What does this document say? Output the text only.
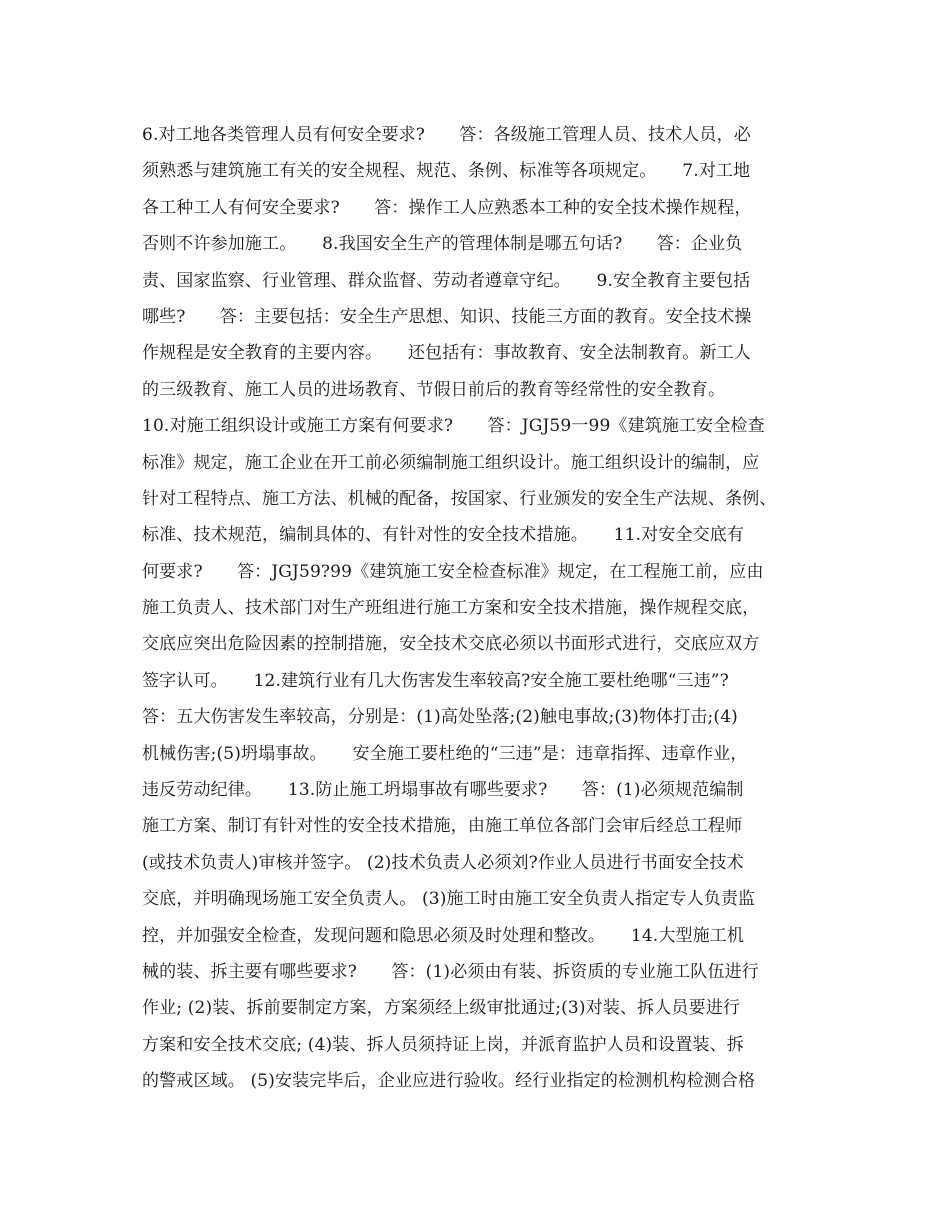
6.对工地各类管理人员有何安全要求?　　答：各级施工管理人员、技术人员，必
须熟悉与建筑施工有关的安全规程、规范、条例、标准等各项规定。　　7.对工地
各工种工人有何安全要求?　　答：操作工人应熟悉本工种的安全技术操作规程，
否则不许参加施工。　　8.我国安全生产的管理体制是哪五句话?　　答：企业负
责、国家监察、行业管理、群众监督、劳动者遵章守纪。　　9.安全教育主要包括
哪些?　　答：主要包括：安全生产思想、知识、技能三方面的教育。安全技术操
作规程是安全教育的主要内容。　　还包括有：事故教育、安全法制教育。新工人
的三级教育、施工人员的进场教育、节假日前后的教育等经常性的安全教育。
10.对施工组织设计或施工方案有何要求?　　答：JGJ59一99《建筑施工安全检查
标准》规定，施工企业在开工前必须编制施工组织设计。施工组织设计的编制，应
针对工程特点、施工方法、机械的配备，按国家、行业颁发的安全生产法规、条例、
标准、技术规范，编制具体的、有针对性的安全技术措施。　　11.对安全交底有
何要求?　　答：JGJ59?99《建筑施工安全检查标准》规定，在工程施工前，应由
施工负责人、技术部门对生产班组进行施工方案和安全技术措施，操作规程交底，
交底应突出危险因素的控制措施，安全技术交底必须以书面形式进行，交底应双方
签字认可。　　12.建筑行业有几大伤害发生率较高?安全施工要杜绝哪“三违”?
答：五大伤害发生率较高，分别是：(1)高处坠落;(2)触电事故;(3)物体打击;(4)
机械伤害;(5)坍塌事故。　　安全施工要杜绝的“三违”是：违章指挥、违章作业，
违反劳动纪律。　　13.防止施工坍塌事故有哪些要求?　　答：(1)必须规范编制
施工方案、制订有针对性的安全技术措施，由施工单位各部门会审后经总工程师
(或技术负责人)审核并签字。 (2)技术负责人必须刘?作业人员进行书面安全技术
交底，并明确现场施工安全负责人。 (3)施工时由施工安全负责人指定专人负责监
控，并加强安全检查，发现问题和隐思必须及时处理和整改。　　14.大型施工机
械的装、拆主要有哪些要求?　　答：(1)必须由有装、拆资质的专业施工队伍进行
作业; (2)装、拆前要制定方案，方案须经上级审批通过;(3)对装、拆人员要进行
方案和安全技术交底; (4)装、拆人员须持证上岗，并派育监护人员和设置装、拆
的警戒区域。 (5)安装完毕后，企业应进行验收。经行业指定的检测机构检测合格
